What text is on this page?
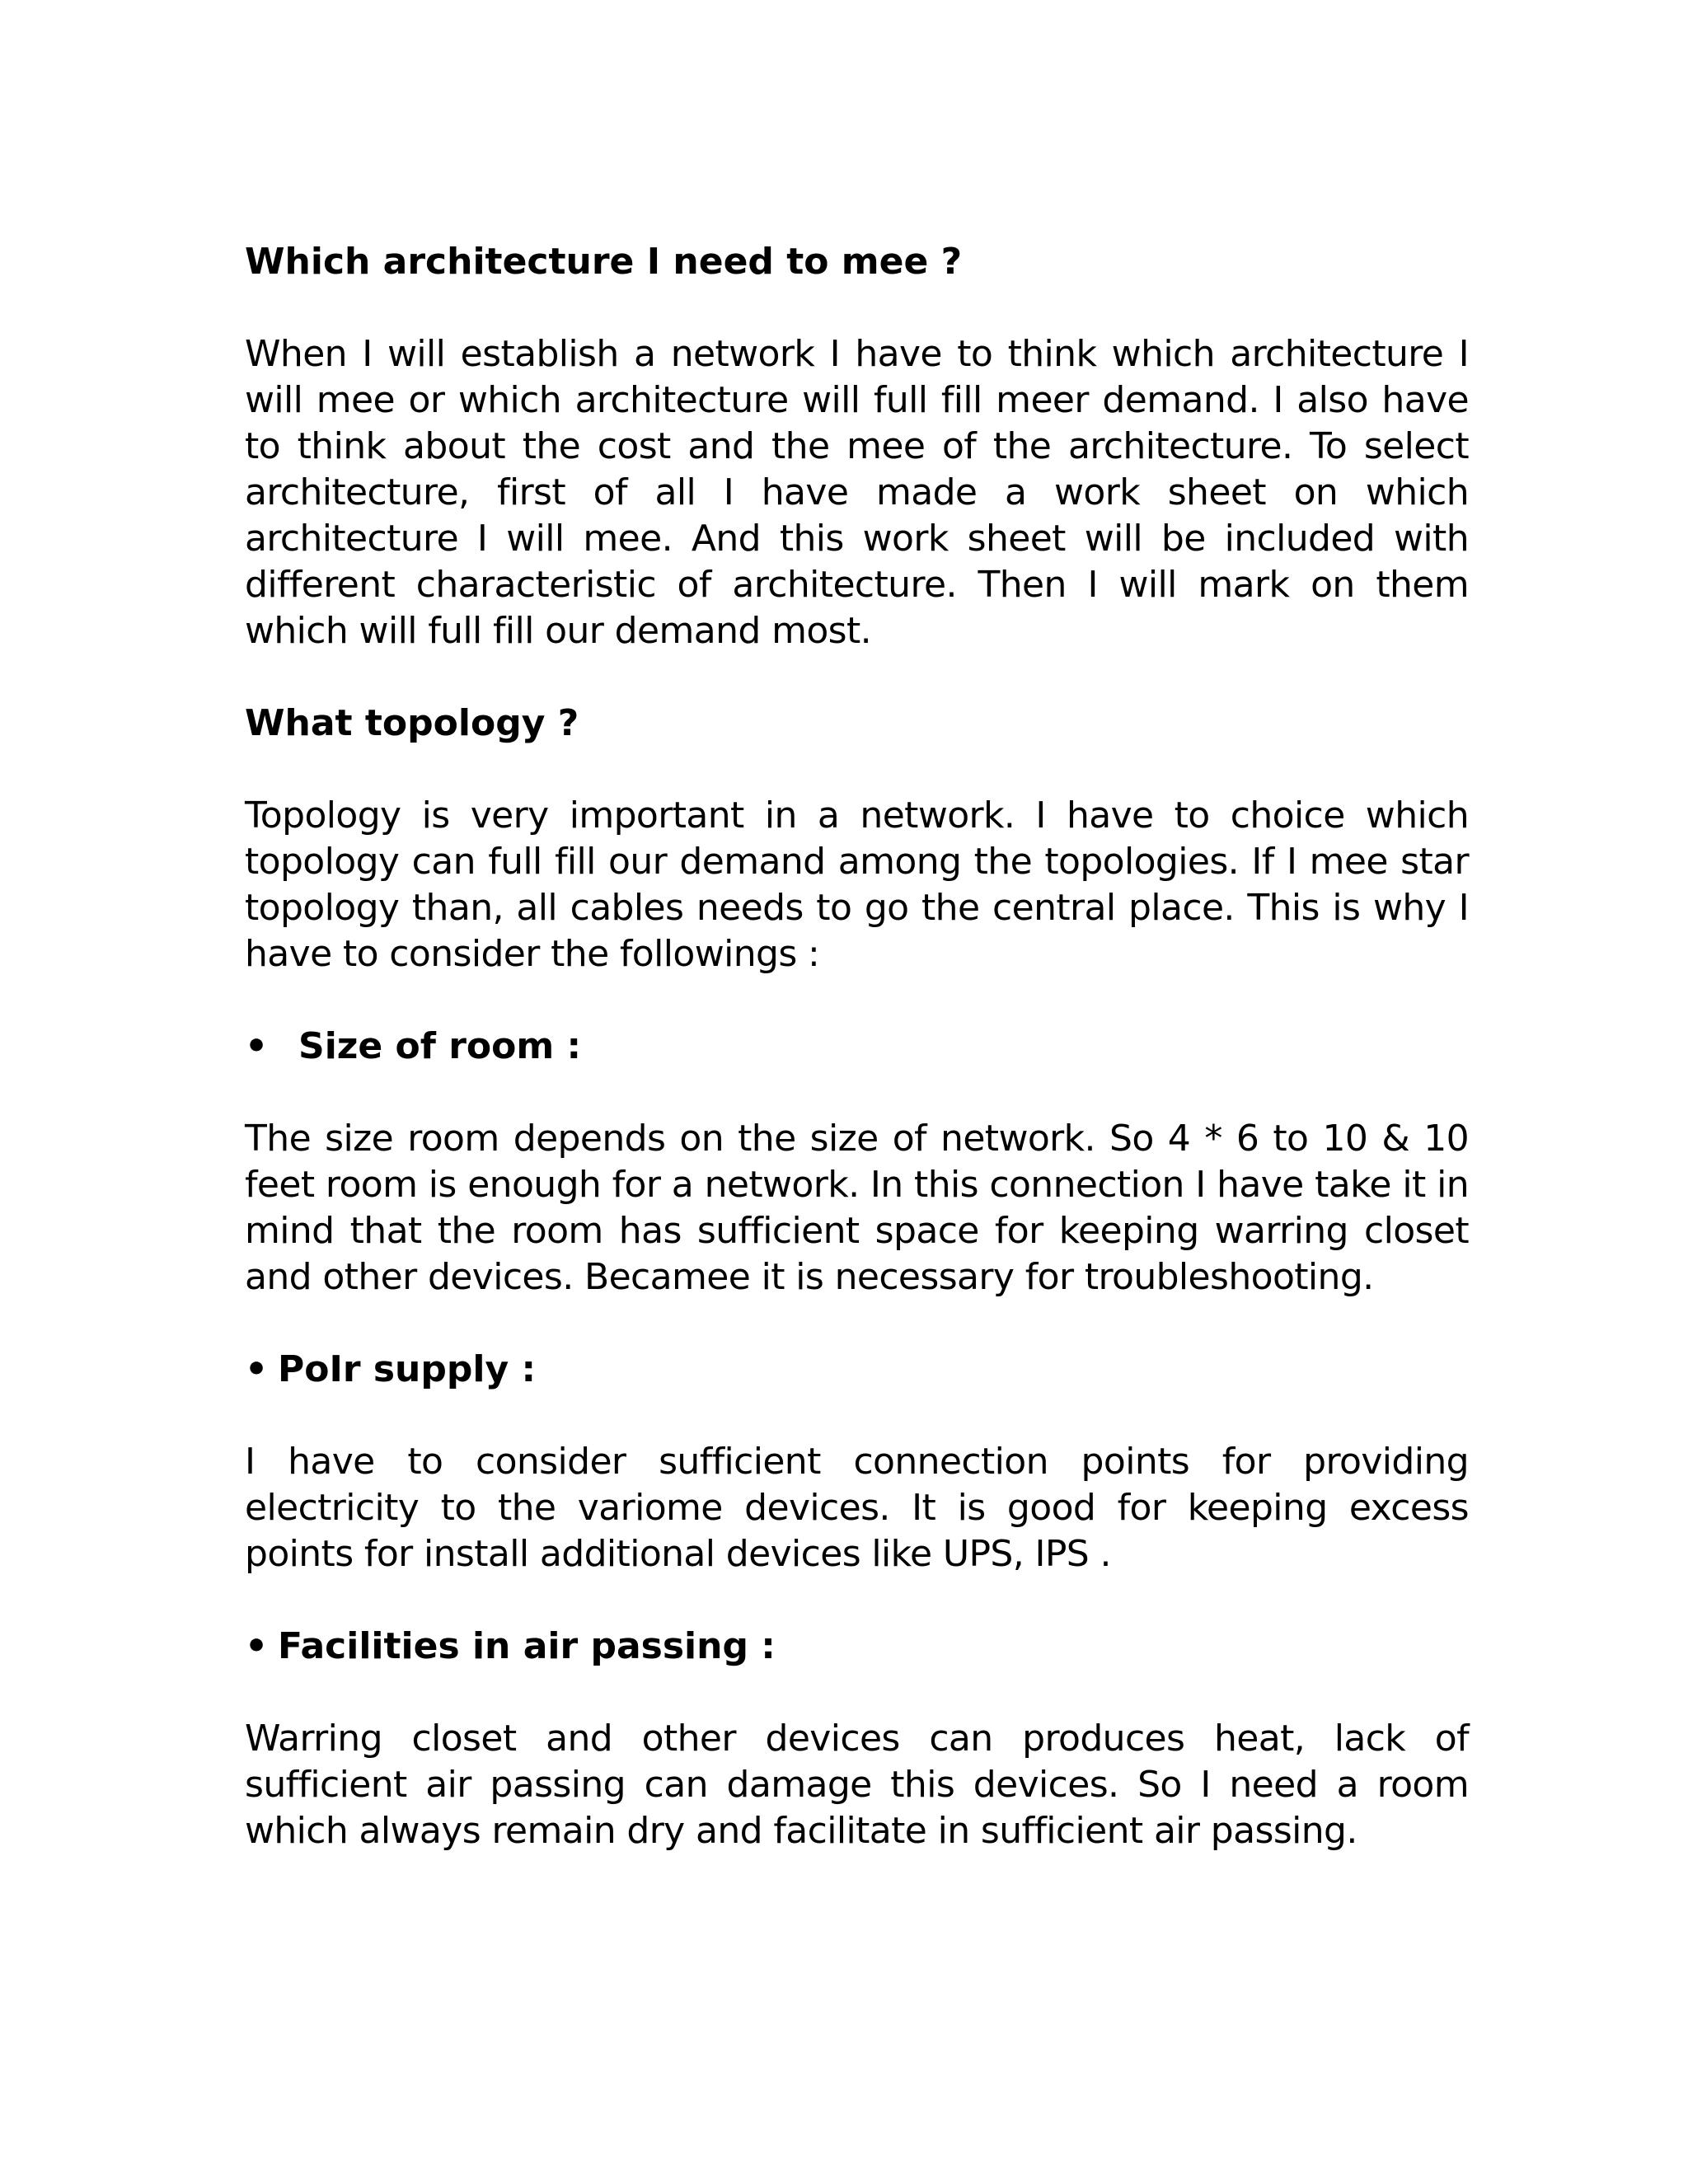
Which architecture I need to mee ?

When I will establish a network I have to think which architecture I will mee or which architecture will full fill meer demand. I also have to think about the cost and the mee of the architecture. To select architecture, first of all I have made a work sheet on which architecture I will mee. And this work sheet will be included with different characteristic of architecture. Then I will mark on them which will full fill our demand most.

What topology ?

Topology is very important in a network. I have to choice which topology can full fill our demand among the topologies. If I mee star topology than, all cables needs to go the central place. This is why I have to consider the followings :

• Size of room :

The size room depends on the size of network. So 4 * 6 to 10 & 10 feet room is enough for a network. In this connection I have take it in mind that the room has sufficient space for keeping warring closet and other devices. Becamee it is necessary for troubleshooting.

• PoIr supply :

I have to consider sufficient connection points for providing electricity to the variome devices. It is good for keeping excess points for install additional devices like UPS, IPS .

• Facilities in air passing :

Warring closet and other devices can produces heat, lack of sufficient air passing can damage this devices. So I need a room which always remain dry and facilitate in sufficient air passing.
